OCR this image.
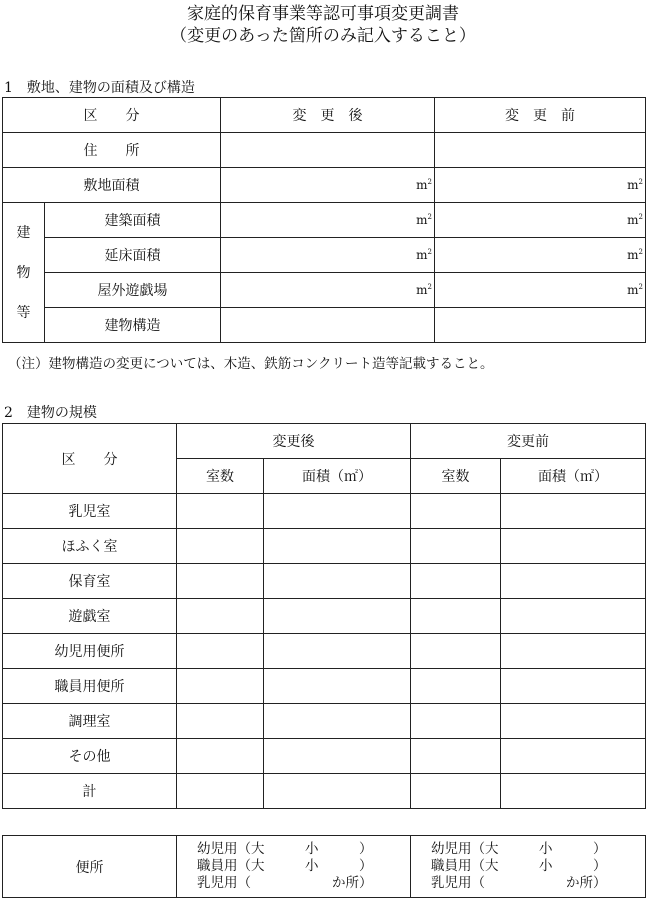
家庭的保育事業等認可事項変更調書
（変更のあった箇所のみ記入すること）
1　敷地、建物の面積及び構造
区　　分		変　更　後	変　更　前
住　　所			
敷地面積		$m^2$	$m^2$

建
物
等	建築面積	$m^2$	$m^2$
	延床面積	$m^2$	$m^2$
	屋外遊戯場	$m^2$	$m^2$
	建物構造		
（注）建物構造の変更については、木造、鉄筋コンクリート造等記載すること。
2　建物の規模
区　　分	変更後		変更前	
	室数	面積（㎡）	室数	面積（㎡）
乳児室				
ほふく室				
保育室				
遊戯室				
幼児用便所				
職員用便所				
調理室				
その他				
計				
便所	
幼児用（大　　　小　　　）
職員用（大　　　小　　　）
乳児用（　　　　　　か所）

幼児用（大　　　小　　　）
職員用（大　　　小　　　）
乳児用（　　　　　　か所）
